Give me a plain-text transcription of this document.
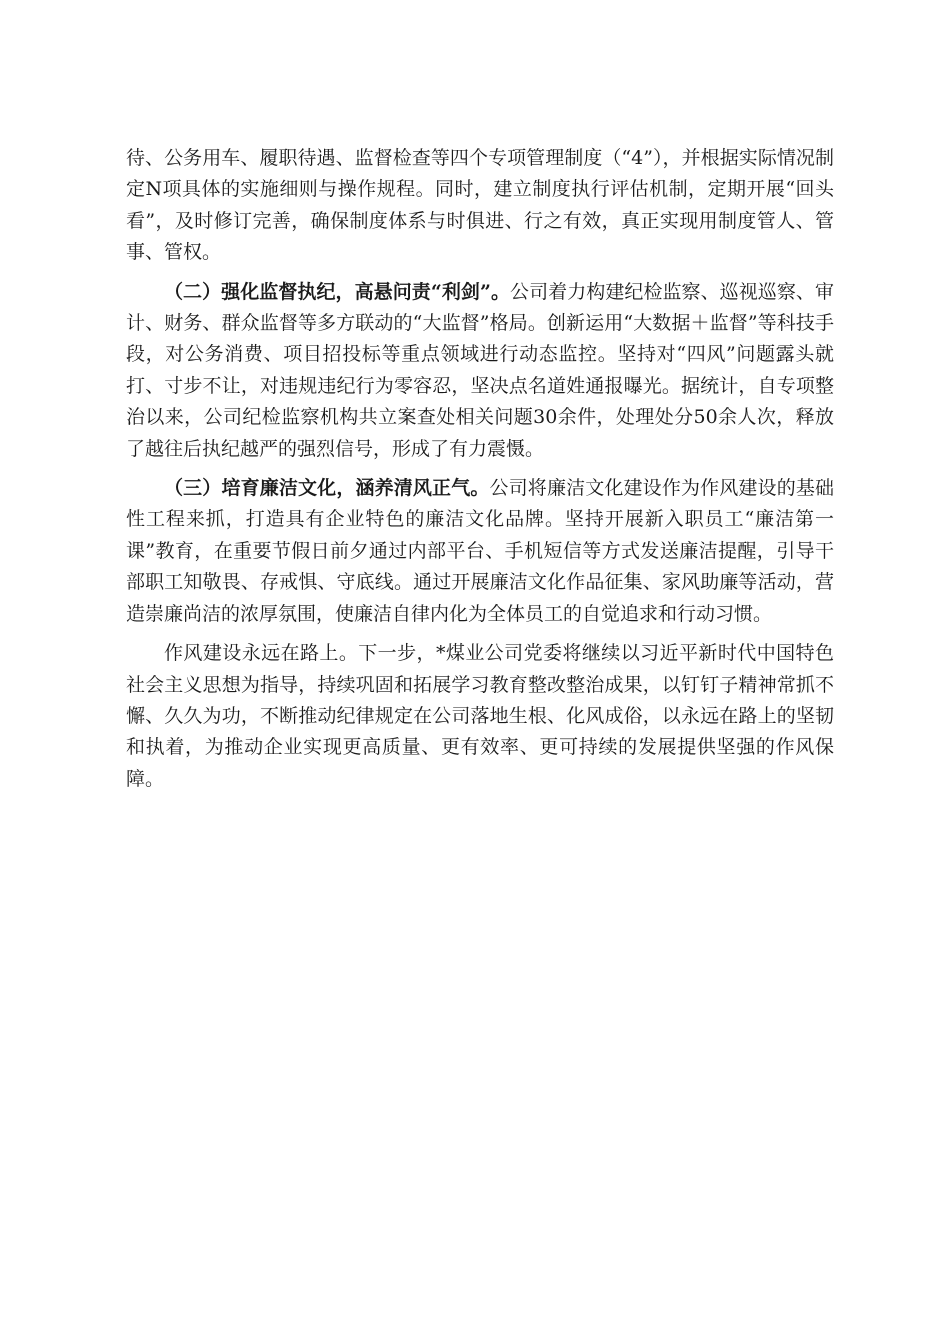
待、公务用车、履职待遇、监督检查等四个专项管理制度（“4”），并根据实际情况制定N项具体的实施细则与操作规程。同时，建立制度执行评估机制，定期开展“回头看”，及时修订完善，确保制度体系与时俱进、行之有效，真正实现用制度管人、管事、管权。

（二）强化监督执纪，高悬问责“利剑”。公司着力构建纪检监察、巡视巡察、审计、财务、群众监督等多方联动的“大监督”格局。创新运用“大数据＋监督”等科技手段，对公务消费、项目招投标等重点领域进行动态监控。坚持对“四风”问题露头就打、寸步不让，对违规违纪行为零容忍，坚决点名道姓通报曝光。据统计，自专项整治以来，公司纪检监察机构共立案查处相关问题30余件，处理处分50余人次，释放了越往后执纪越严的强烈信号，形成了有力震慑。

（三）培育廉洁文化，涵养清风正气。公司将廉洁文化建设作为作风建设的基础性工程来抓，打造具有企业特色的廉洁文化品牌。坚持开展新入职员工“廉洁第一课”教育，在重要节假日前夕通过内部平台、手机短信等方式发送廉洁提醒，引导干部职工知敬畏、存戒惧、守底线。通过开展廉洁文化作品征集、家风助廉等活动，营造崇廉尚洁的浓厚氛围，使廉洁自律内化为全体员工的自觉追求和行动习惯。

作风建设永远在路上。下一步，*煤业公司党委将继续以习近平新时代中国特色社会主义思想为指导，持续巩固和拓展学习教育整改整治成果，以钉钉子精神常抓不懈、久久为功，不断推动纪律规定在公司落地生根、化风成俗，以永远在路上的坚韧和执着，为推动企业实现更高质量、更有效率、更可持续的发展提供坚强的作风保障。
